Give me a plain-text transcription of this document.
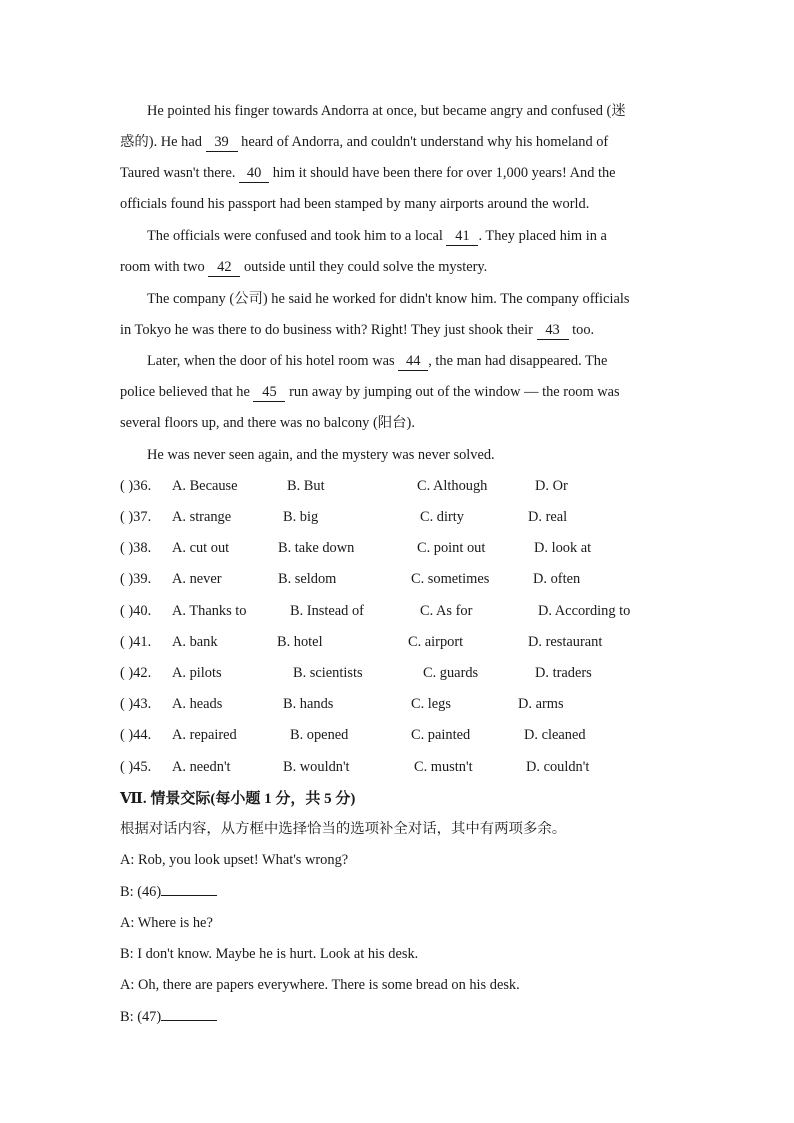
He pointed his finger towards Andorra at once, but became angry and confused (迷
惑的). He had 39 heard of Andorra, and couldn't understand why his homeland of
Taured wasn't there. 40 him it should have been there for over 1,000 years! And the
officials found his passport had been stamped by many airports around the world.
The officials were confused and took him to a local 41 . They placed him in a
room with two 42 outside until they could solve the mystery.
The company (公司) he said he worked for didn't know him. The company officials
in Tokyo he was there to do business with? Right! They just shook their 43 too.
Later, when the door of his hotel room was 44 , the man had disappeared. The
police believed that he 45 run away by jumping out of the window — the room was
several floors up, and there was no balcony (阳台).
He was never seen again, and the mystery was never solved.
( )36. A. Because	B. But	C. Although	D. Or
( )37. A. strange	B. big	C. dirty	D. real
( )38. A. cut out	B. take down	C. point out	D. look at
( )39. A. never	B. seldom	C. sometimes	D. often
( )40. A. Thanks to	B. Instead of	C. As for	D. According to
( )41. A. bank	B. hotel	C. airport	D. restaurant
( )42. A. pilots	B. scientists	C. guards	D. traders
( )43. A. heads	B. hands	C. legs	D. arms
( )44. A. repaired	B. opened	C. painted	D. cleaned
( )45. A. needn't	B. wouldn't	C. mustn't	D. couldn't
Ⅶ. 情景交际(每小题 1 分，共 5 分)
根据对话内容，从方框中选择恰当的选项补全对话，其中有两项多余。
A: Rob, you look upset! What's wrong?
B: (46)
A: Where is he?
B: I don't know. Maybe he is hurt. Look at his desk.
A: Oh, there are papers everywhere. There is some bread on his desk.
B: (47)
